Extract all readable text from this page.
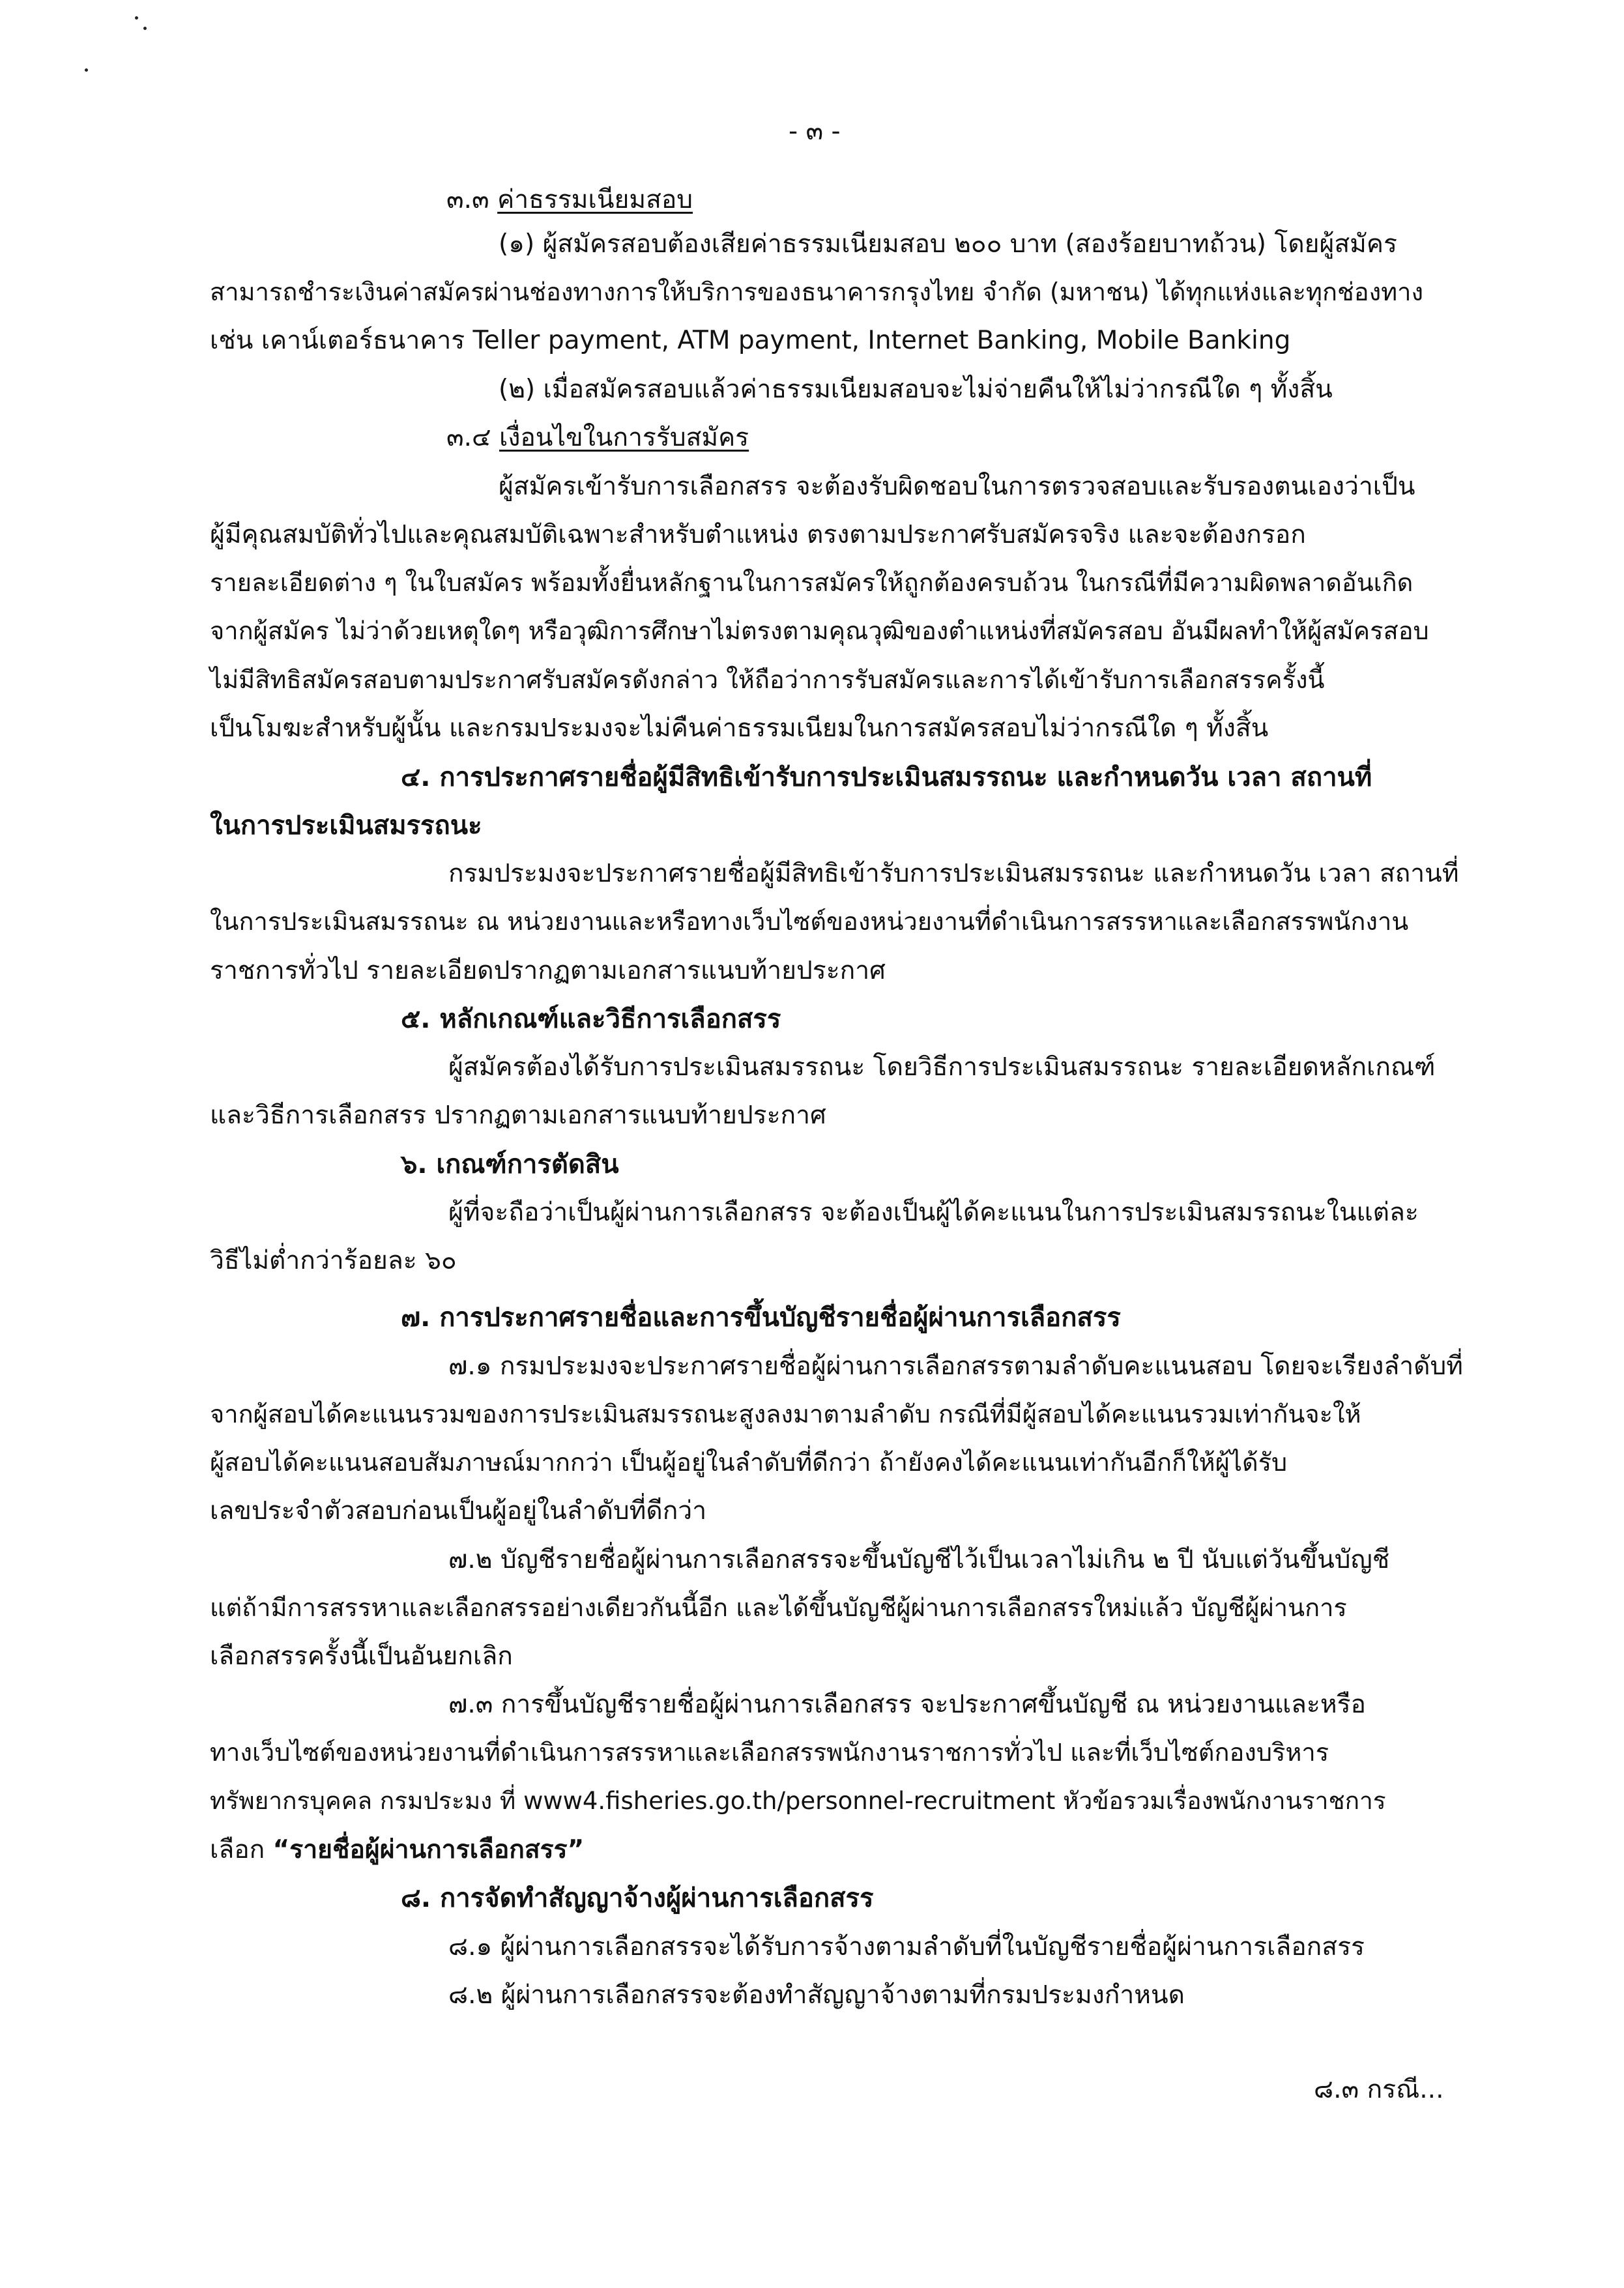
- ๓ -
๓.๓ ค่าธรรมเนียมสอบ
(๑) ผู้สมัครสอบต้องเสียค่าธรรมเนียมสอบ ๒๐๐ บาท (สองร้อยบาทถ้วน) โดยผู้สมัคร
สามารถชำระเงินค่าสมัครผ่านช่องทางการให้บริการของธนาคารกรุงไทย จำกัด (มหาชน) ได้ทุกแห่งและทุกช่องทาง
เช่น เคาน์เตอร์ธนาคาร Teller payment, ATM payment, Internet Banking, Mobile Banking
(๒) เมื่อสมัครสอบแล้วค่าธรรมเนียมสอบจะไม่จ่ายคืนให้ไม่ว่ากรณีใด ๆ ทั้งสิ้น
๓.๔ เงื่อนไขในการรับสมัคร
ผู้สมัครเข้ารับการเลือกสรร จะต้องรับผิดชอบในการตรวจสอบและรับรองตนเองว่าเป็น
ผู้มีคุณสมบัติทั่วไปและคุณสมบัติเฉพาะสำหรับตำแหน่ง ตรงตามประกาศรับสมัครจริง และจะต้องกรอก
รายละเอียดต่าง ๆ ในใบสมัคร พร้อมทั้งยื่นหลักฐานในการสมัครให้ถูกต้องครบถ้วน ในกรณีที่มีความผิดพลาดอันเกิด
จากผู้สมัคร ไม่ว่าด้วยเหตุใดๆ หรือวุฒิการศึกษาไม่ตรงตามคุณวุฒิของตำแหน่งที่สมัครสอบ อันมีผลทำให้ผู้สมัครสอบ
ไม่มีสิทธิสมัครสอบตามประกาศรับสมัครดังกล่าว ให้ถือว่าการรับสมัครและการได้เข้ารับการเลือกสรรครั้งนี้
เป็นโมฆะสำหรับผู้นั้น และกรมประมงจะไม่คืนค่าธรรมเนียมในการสมัครสอบไม่ว่ากรณีใด ๆ ทั้งสิ้น
๔. การประกาศรายชื่อผู้มีสิทธิเข้ารับการประเมินสมรรถนะ และกำหนดวัน เวลา สถานที่
ในการประเมินสมรรถนะ
กรมประมงจะประกาศรายชื่อผู้มีสิทธิเข้ารับการประเมินสมรรถนะ และกำหนดวัน เวลา สถานที่
ในการประเมินสมรรถนะ ณ หน่วยงานและหรือทางเว็บไซต์ของหน่วยงานที่ดำเนินการสรรหาและเลือกสรรพนักงาน
ราชการทั่วไป รายละเอียดปรากฏตามเอกสารแนบท้ายประกาศ
๕. หลักเกณฑ์และวิธีการเลือกสรร
ผู้สมัครต้องได้รับการประเมินสมรรถนะ โดยวิธีการประเมินสมรรถนะ รายละเอียดหลักเกณฑ์
และวิธีการเลือกสรร ปรากฏตามเอกสารแนบท้ายประกาศ
๖. เกณฑ์การตัดสิน
ผู้ที่จะถือว่าเป็นผู้ผ่านการเลือกสรร จะต้องเป็นผู้ได้คะแนนในการประเมินสมรรถนะในแต่ละ
วิธีไม่ต่ำกว่าร้อยละ ๖๐
๗. การประกาศรายชื่อและการขึ้นบัญชีรายชื่อผู้ผ่านการเลือกสรร
๗.๑ กรมประมงจะประกาศรายชื่อผู้ผ่านการเลือกสรรตามลำดับคะแนนสอบ โดยจะเรียงลำดับที่
จากผู้สอบได้คะแนนรวมของการประเมินสมรรถนะสูงลงมาตามลำดับ กรณีที่มีผู้สอบได้คะแนนรวมเท่ากันจะให้
ผู้สอบได้คะแนนสอบสัมภาษณ์มากกว่า เป็นผู้อยู่ในลำดับที่ดีกว่า ถ้ายังคงได้คะแนนเท่ากันอีกก็ให้ผู้ได้รับ
เลขประจำตัวสอบก่อนเป็นผู้อยู่ในลำดับที่ดีกว่า
๗.๒ บัญชีรายชื่อผู้ผ่านการเลือกสรรจะขึ้นบัญชีไว้เป็นเวลาไม่เกิน ๒ ปี นับแต่วันขึ้นบัญชี
แต่ถ้ามีการสรรหาและเลือกสรรอย่างเดียวกันนี้อีก และได้ขึ้นบัญชีผู้ผ่านการเลือกสรรใหม่แล้ว บัญชีผู้ผ่านการ
เลือกสรรครั้งนี้เป็นอันยกเลิก
๗.๓ การขึ้นบัญชีรายชื่อผู้ผ่านการเลือกสรร จะประกาศขึ้นบัญชี ณ หน่วยงานและหรือ
ทางเว็บไซต์ของหน่วยงานที่ดำเนินการสรรหาและเลือกสรรพนักงานราชการทั่วไป และที่เว็บไซต์กองบริหาร
ทรัพยากรบุคคล กรมประมง ที่ www4.fisheries.go.th/personnel-recruitment หัวข้อรวมเรื่องพนักงานราชการ
เลือก “รายชื่อผู้ผ่านการเลือกสรร”
๘. การจัดทำสัญญาจ้างผู้ผ่านการเลือกสรร
๘.๑ ผู้ผ่านการเลือกสรรจะได้รับการจ้างตามลำดับที่ในบัญชีรายชื่อผู้ผ่านการเลือกสรร
๘.๒ ผู้ผ่านการเลือกสรรจะต้องทำสัญญาจ้างตามที่กรมประมงกำหนด
๘.๓ กรณี...
